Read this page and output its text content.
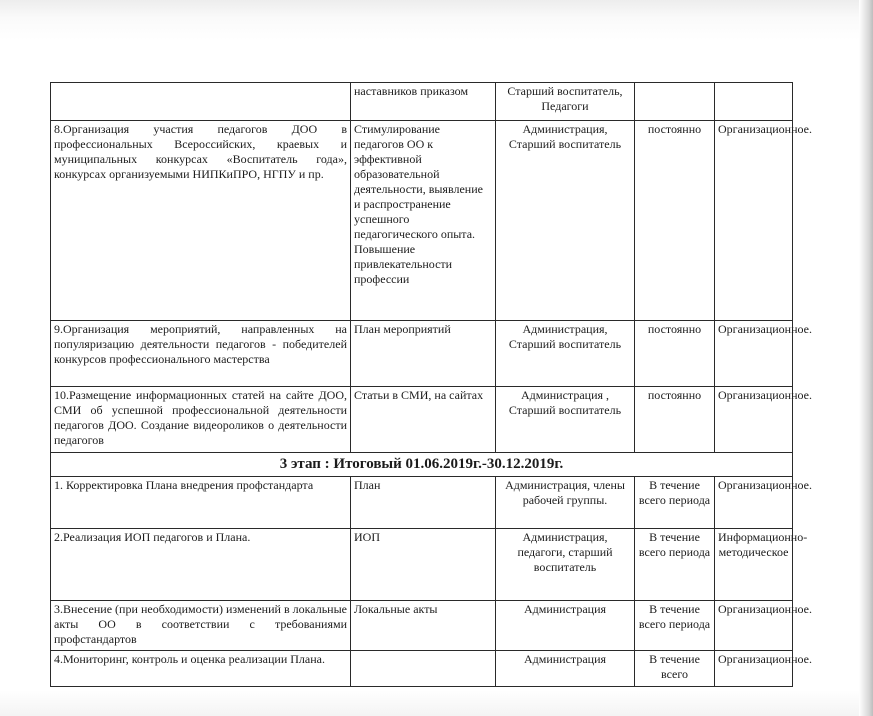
	наставников приказом	Старший воспитатель, Педагоги		
8.Организация участия педагогов ДОО в профессиональных Всероссийских, краевых и муниципальных конкурсах «Воспитатель года», конкурсах организуемыми НИПКиПРО, НГПУ и пр.	Стимулирование педагогов ОО к эффективной образовательной деятельности, выявление и распространение успешного педагогического опыта. Повышение привлекательности профессии	Администрация, Старший воспитатель	постоянно	Организационное.
9.Организация мероприятий, направленных на популяризацию деятельности педагогов - победителей конкурсов профессионального мастерства	План мероприятий	Администрация, Старший воспитатель	постоянно	Организационное.
10.Размещение информационных статей на сайте ДОО, СМИ об успешной профессиональной деятельности педагогов ДОО. Создание видеороликов о деятельности педагогов	Статьи в СМИ, на сайтах	Администрация , Старший воспитатель	постоянно	Организационное.
3 этап : Итоговый 01.06.2019г.-30.12.2019г.				
1. Корректировка Плана внедрения профстандарта	План	Администрация, члены рабочей группы.	В течение всего периода	Организационное.
2.Реализация ИОП педагогов и Плана.	ИОП	Администрация, педагоги, старший воспитатель	В течение всего периода	Информационно-методическое
3.Внесение (при необходимости) изменений в локальные акты ОО в соответствии с требованиями профстандартов	Локальные акты	Администрация	В течение всего периода	Организационное.
4.Мониторинг, контроль и оценка реализации Плана.		Администрация	В течение всего	Организационное.
